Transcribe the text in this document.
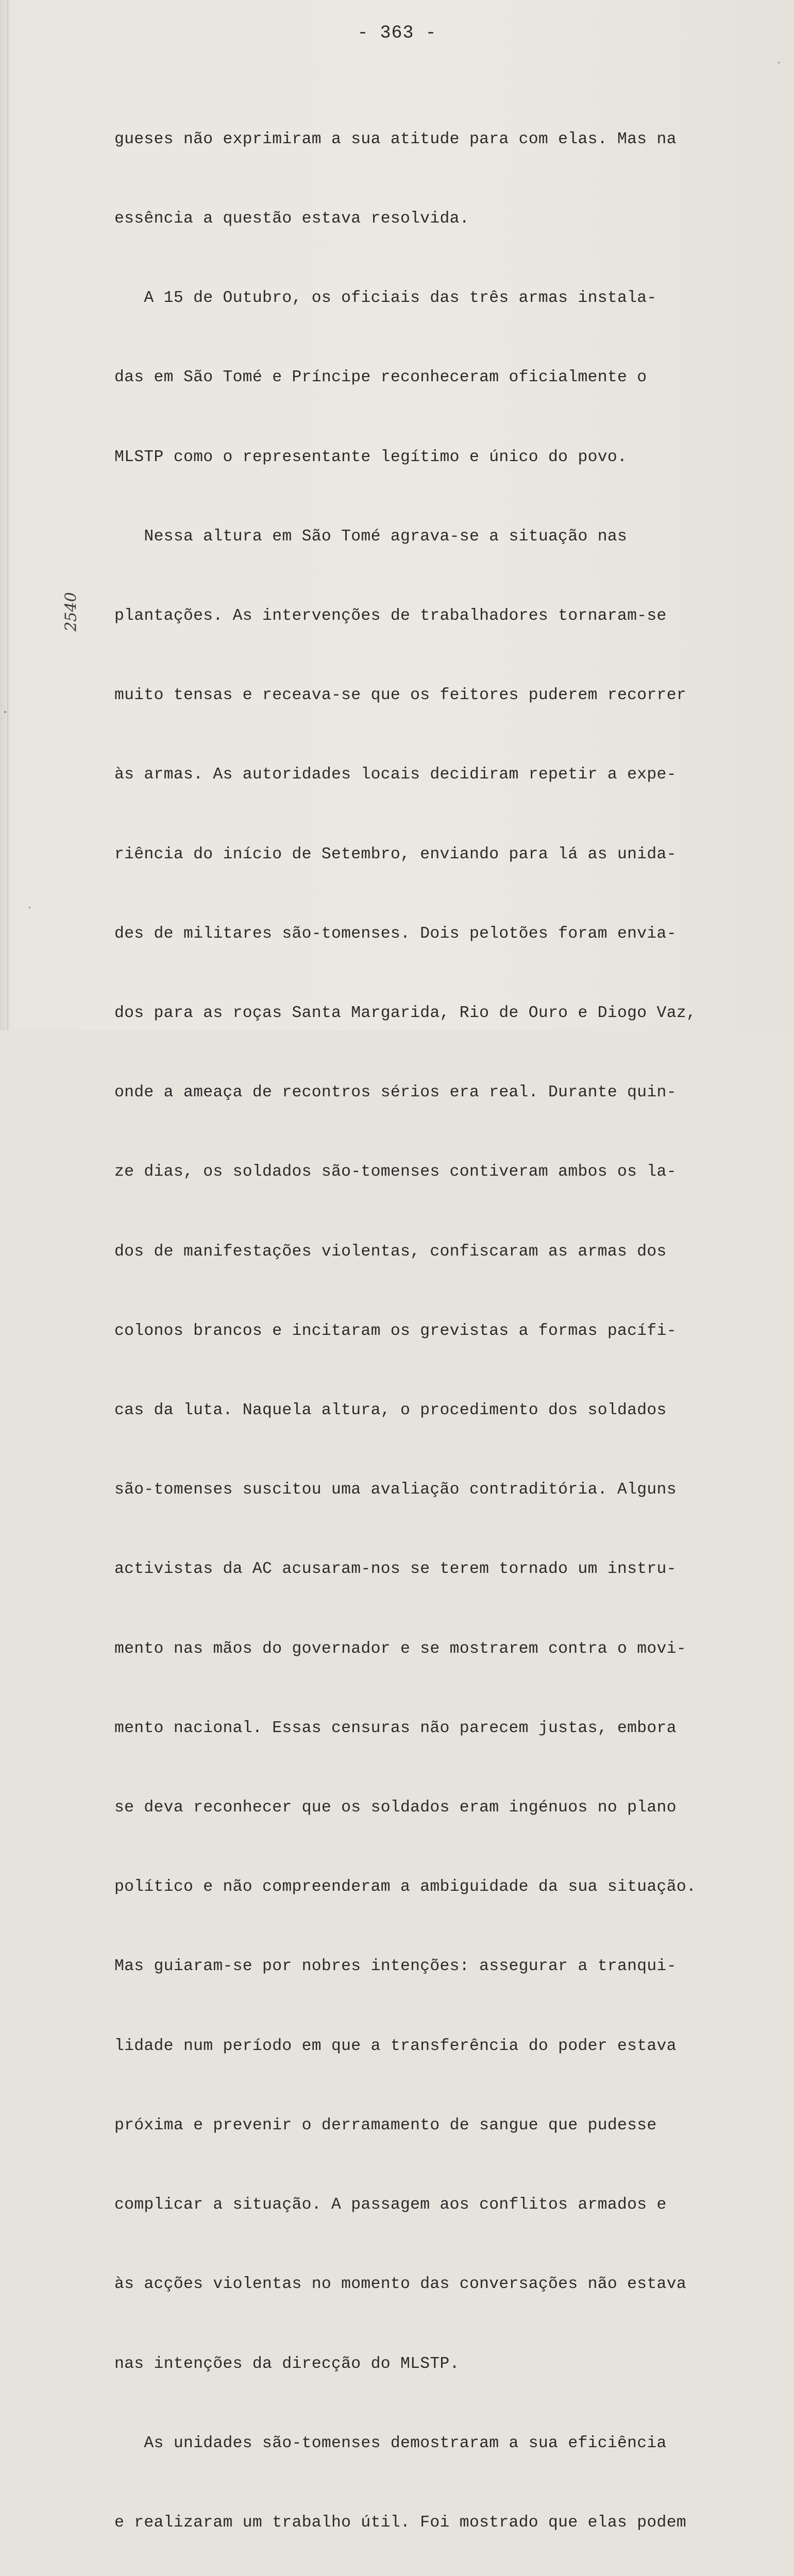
- 363 -

gueses não exprimiram a sua atitude para com elas. Mas na

essência a questão estava resolvida.

A 15 de Outubro, os oficiais das três armas instala-

das em São Tomé e Príncipe reconheceram oficialmente o

MLSTP como o representante legítimo e único do povo.

Nessa altura em São Tomé agrava-se a situação nas

plantações. As intervenções de trabalhadores tornaram-se

muito tensas e receava-se que os feitores puderem recorrer

às armas. As autoridades locais decidiram repetir a expe-

riência do início de Setembro, enviando para lá as unida-

des de militares são-tomenses. Dois pelotões foram envia-

dos para as roças Santa Margarida, Rio de Ouro e Diogo Vaz,

onde a ameaça de recontros sérios era real. Durante quin-

ze dias, os soldados são-tomenses contiveram ambos os la-

dos de manifestações violentas, confiscaram as armas dos

colonos brancos e incitaram os grevistas a formas pacífi-

cas da luta. Naquela altura, o procedimento dos soldados

são-tomenses suscitou uma avaliação contraditória. Alguns

activistas da AC acusaram-nos se terem tornado um instru-

mento nas mãos do governador e se mostrarem contra o movi-

mento nacional. Essas censuras não parecem justas, embora

se deva reconhecer que os soldados eram ingénuos no plano

político e não compreenderam a ambiguidade da sua situação.

Mas guiaram-se por nobres intenções: assegurar a tranqui-

lidade num período em que a transferência do poder estava

próxima e prevenir o derramamento de sangue que pudesse

complicar a situação. A passagem aos conflitos armados e

às acções violentas no momento das conversações não estava

nas intenções da direcção do MLSTP.

As unidades são-tomenses demostraram a sua eficiência

e realizaram um trabalho útil. Foi mostrado que elas podem

2540
